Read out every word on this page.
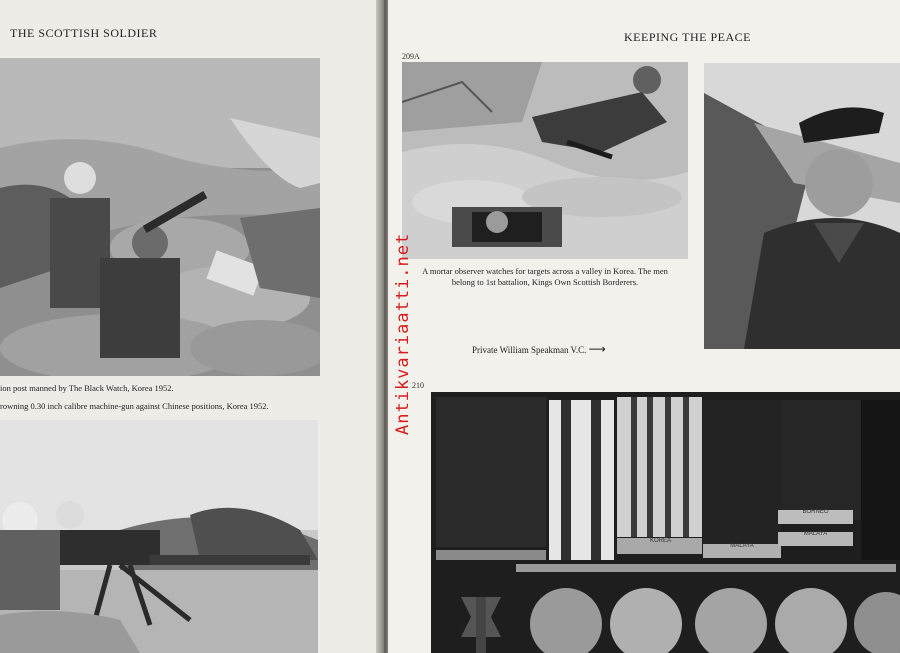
THE SCOTTISH SOLDIER
ion post manned by The Black Watch, Korea 1952.
rowning 0.30 inch calibre machine-gun against Chinese positions, Korea 1952.
KEEPING THE PEACE
209A
A mortar observer watches for targets across a valley in Korea. The men
belong to 1st battalion, Kings Own Scottish Borderers.
Private William Speakman V.C. ⟶
210
KOREA
MALAYA
BORNEO
MALAYA
Antikvariaatti.net
